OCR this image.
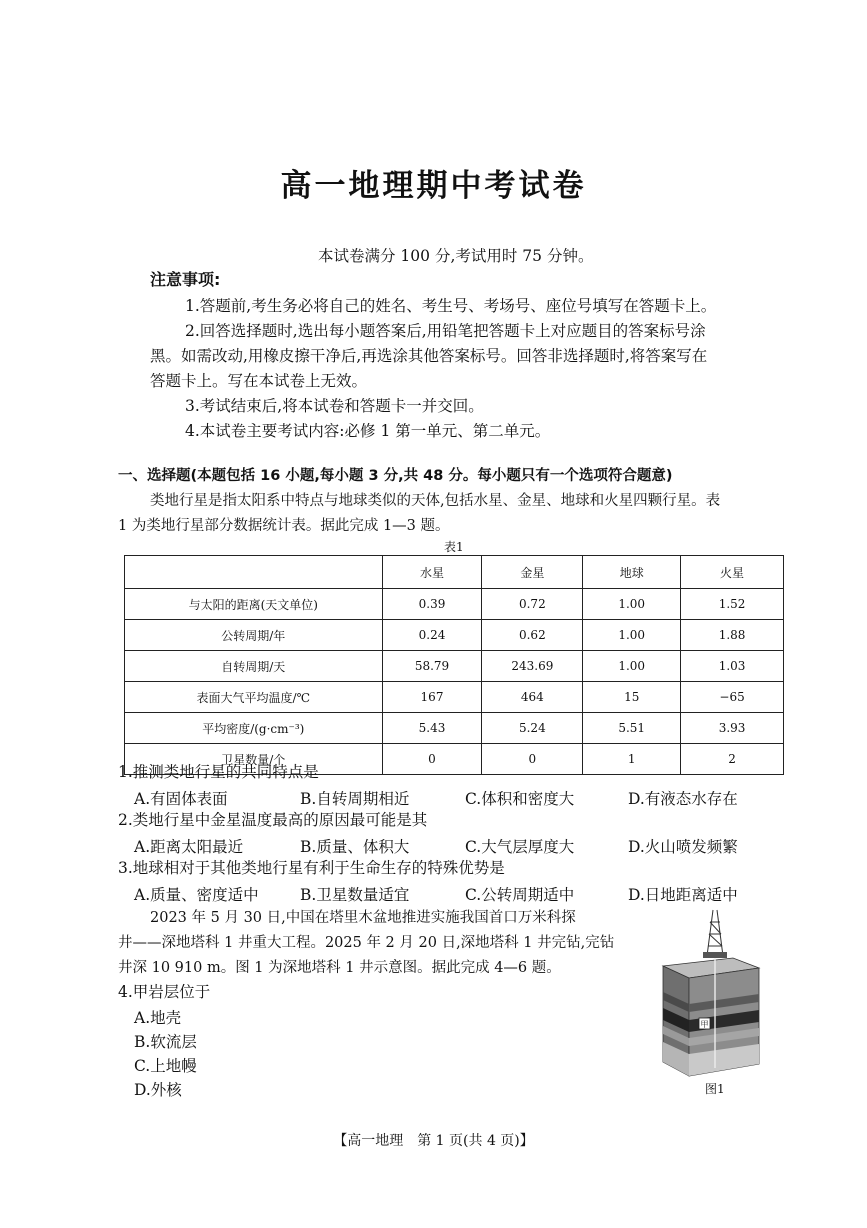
高一地理期中考试卷
本试卷满分 100 分,考试用时 75 分钟。
注意事项:
1.答题前,考生务必将自己的姓名、考生号、考场号、座位号填写在答题卡上。
2.回答选择题时,选出每小题答案后,用铅笔把答题卡上对应题目的答案标号涂
黑。如需改动,用橡皮擦干净后,再选涂其他答案标号。回答非选择题时,将答案写在
答题卡上。写在本试卷上无效。
3.考试结束后,将本试卷和答题卡一并交回。
4.本试卷主要考试内容:必修 1 第一单元、第二单元。
一、选择题(本题包括 16 小题,每小题 3 分,共 48 分。每小题只有一个选项符合题意)
类地行星是指太阳系中特点与地球类似的天体,包括水星、金星、地球和火星四颗行星。表
1 为类地行星部分数据统计表。据此完成 1—3 题。
表1
	水星	金星	地球	火星
与太阳的距离(天文单位)	0.39	0.72	1.00	1.52
公转周期/年	0.24	0.62	1.00	1.88
自转周期/天	58.79	243.69	1.00	1.03
表面大气平均温度/℃	167	464	15	−65
平均密度/(g·cm⁻³)	5.43	5.24	5.51	3.93
卫星数量/个	0	0	1	2
1.推测类地行星的共同特点是
A.有固体表面	B.自转周期相近	C.体积和密度大	D.有液态水存在
2.类地行星中金星温度最高的原因最可能是其
A.距离太阳最近	B.质量、体积大	C.大气层厚度大	D.火山喷发频繁
3.地球相对于其他类地行星有利于生命生存的特殊优势是
A.质量、密度适中	B.卫星数量适宜	C.公转周期适中	D.日地距离适中
2023 年 5 月 30 日,中国在塔里木盆地推进实施我国首口万米科探
井——深地塔科 1 井重大工程。2025 年 2 月 20 日,深地塔科 1 井完钻,完钻
井深 10 910 m。图 1 为深地塔科 1 井示意图。据此完成 4—6 题。
4.甲岩层位于
A.地壳
B.软流层
C.上地幔
D.外核
甲
图1
【高一地理　第 1 页(共 4 页)】
